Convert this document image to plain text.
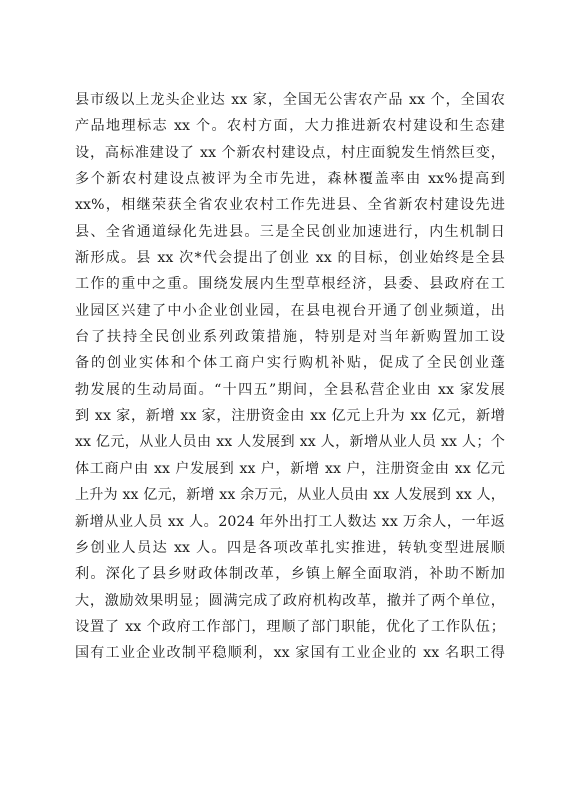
县市级以上龙头企业达 xx 家，全国无公害农产品 xx 个，全国农
产品地理标志 xx 个。农村方面，大力推进新农村建设和生态建
设，高标准建设了 xx 个新农村建设点，村庄面貌发生悄然巨变，
多个新农村建设点被评为全市先进，森林覆盖率由 xx%提高到
xx%，相继荣获全省农业农村工作先进县、全省新农村建设先进
县、全省通道绿化先进县。三是全民创业加速进行，内生机制日
渐形成。县 xx 次*代会提出了创业 xx 的目标，创业始终是全县
工作的重中之重。围绕发展内生型草根经济，县委、县政府在工
业园区兴建了中小企业创业园，在县电视台开通了创业频道，出
台了扶持全民创业系列政策措施，特别是对当年新购置加工设
备的创业实体和个体工商户实行购机补贴，促成了全民创业蓬
勃发展的生动局面。“十四五”期间，全县私营企业由 xx 家发展
到 xx 家，新增 xx 家，注册资金由 xx 亿元上升为 xx 亿元，新增
xx 亿元，从业人员由 xx 人发展到 xx 人，新增从业人员 xx 人；个
体工商户由 xx 户发展到 xx 户，新增 xx 户，注册资金由 xx 亿元
上升为 xx 亿元，新增 xx 余万元，从业人员由 xx 人发展到 xx 人，
新增从业人员 xx 人。2024 年外出打工人数达 xx 万余人，一年返
乡创业人员达 xx 人。四是各项改革扎实推进，转轨变型进展顺
利。深化了县乡财政体制改革，乡镇上解全面取消，补助不断加
大，激励效果明显；圆满完成了政府机构改革，撤并了两个单位，
设置了 xx 个政府工作部门，理顺了部门职能，优化了工作队伍；
国有工业企业改制平稳顺利，xx 家国有工业企业的 xx 名职工得
